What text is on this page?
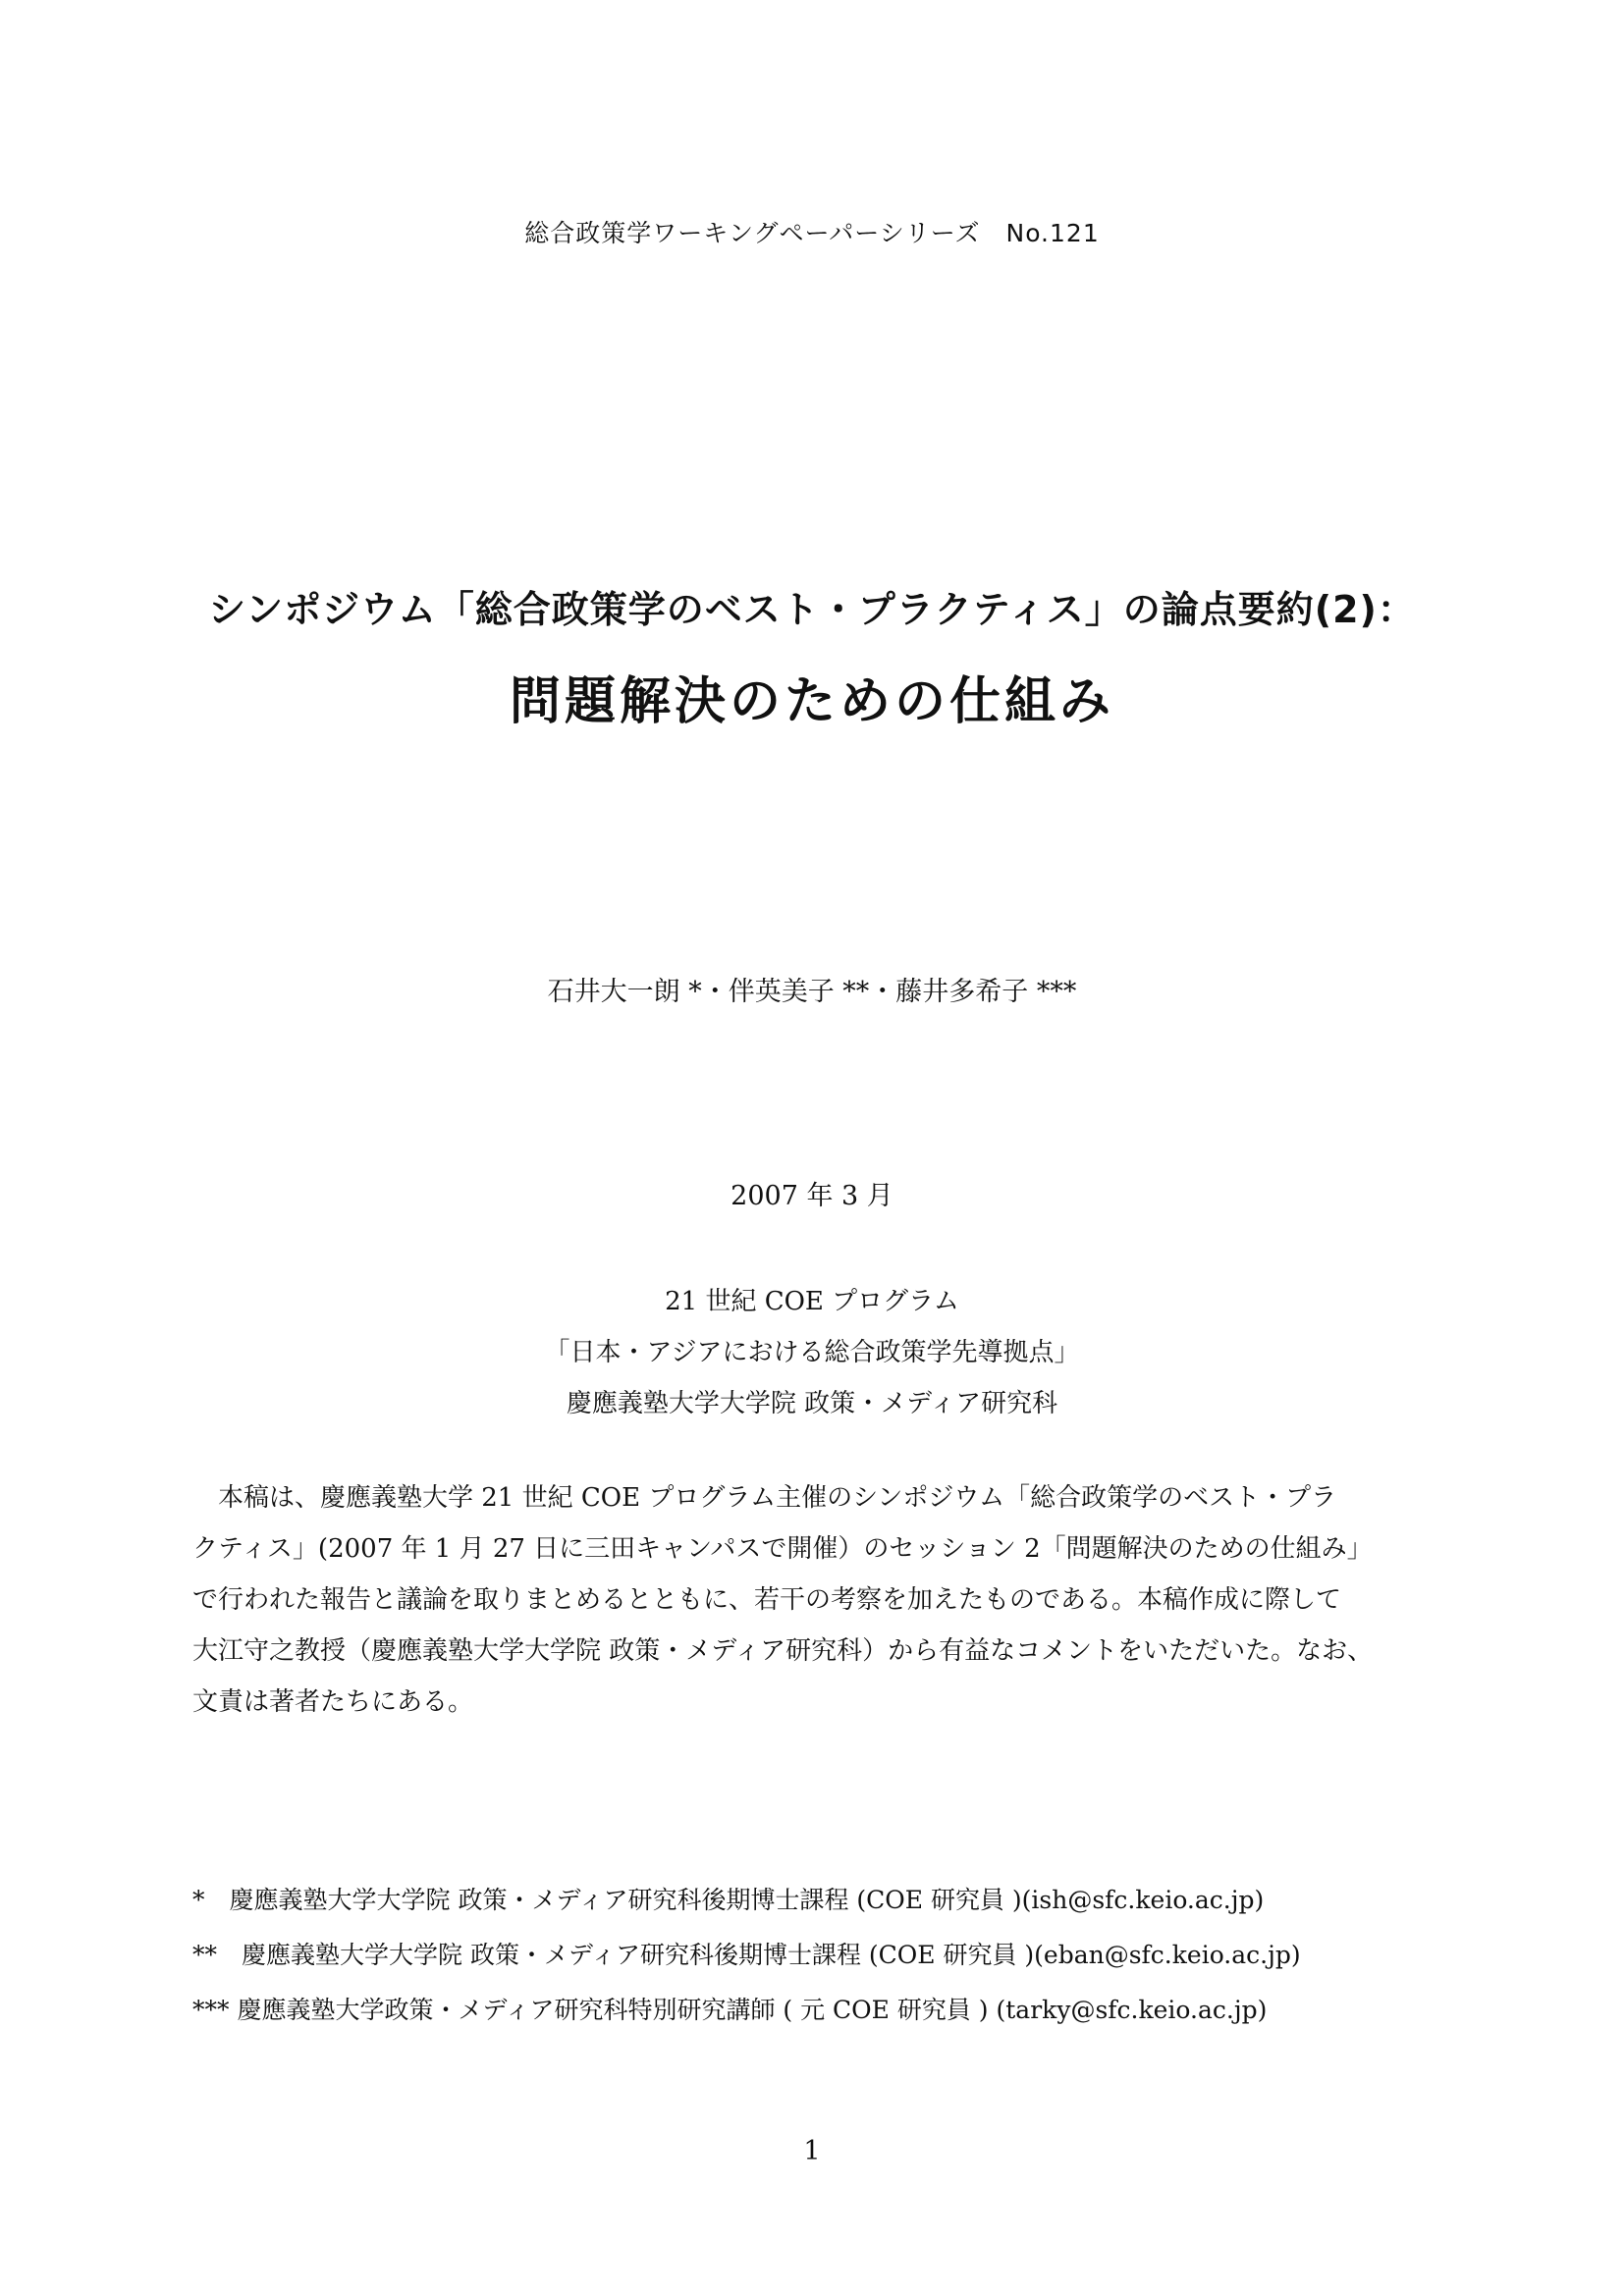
総合政策学ワーキングペーパーシリーズ　No.121
シンポジウム「総合政策学のベスト・プラクティス」の論点要約(2)：
問題解決のための仕組み
石井大一朗 *・伴英美子 **・藤井多希子 ***
2007 年 3 月
21 世紀 COE プログラム
「日本・アジアにおける総合政策学先導拠点」
慶應義塾大学大学院 政策・メディア研究科
本稿は、慶應義塾大学 21 世紀 COE プログラム主催のシンポジウム「総合政策学のベスト・プラ
クティス」(2007 年 1 月 27 日に三田キャンパスで開催）のセッション 2「問題解決のための仕組み」
で行われた報告と議論を取りまとめるとともに、若干の考察を加えたものである。本稿作成に際して
大江守之教授（慶應義塾大学大学院 政策・メディア研究科）から有益なコメントをいただいた。なお、
文責は著者たちにある。
*　慶應義塾大学大学院 政策・メディア研究科後期博士課程 (COE 研究員 )(ish@sfc.keio.ac.jp)
**　慶應義塾大学大学院 政策・メディア研究科後期博士課程 (COE 研究員 )(eban@sfc.keio.ac.jp)
*** 慶應義塾大学政策・メディア研究科特別研究講師 ( 元 COE 研究員 ) (tarky@sfc.keio.ac.jp)
1
